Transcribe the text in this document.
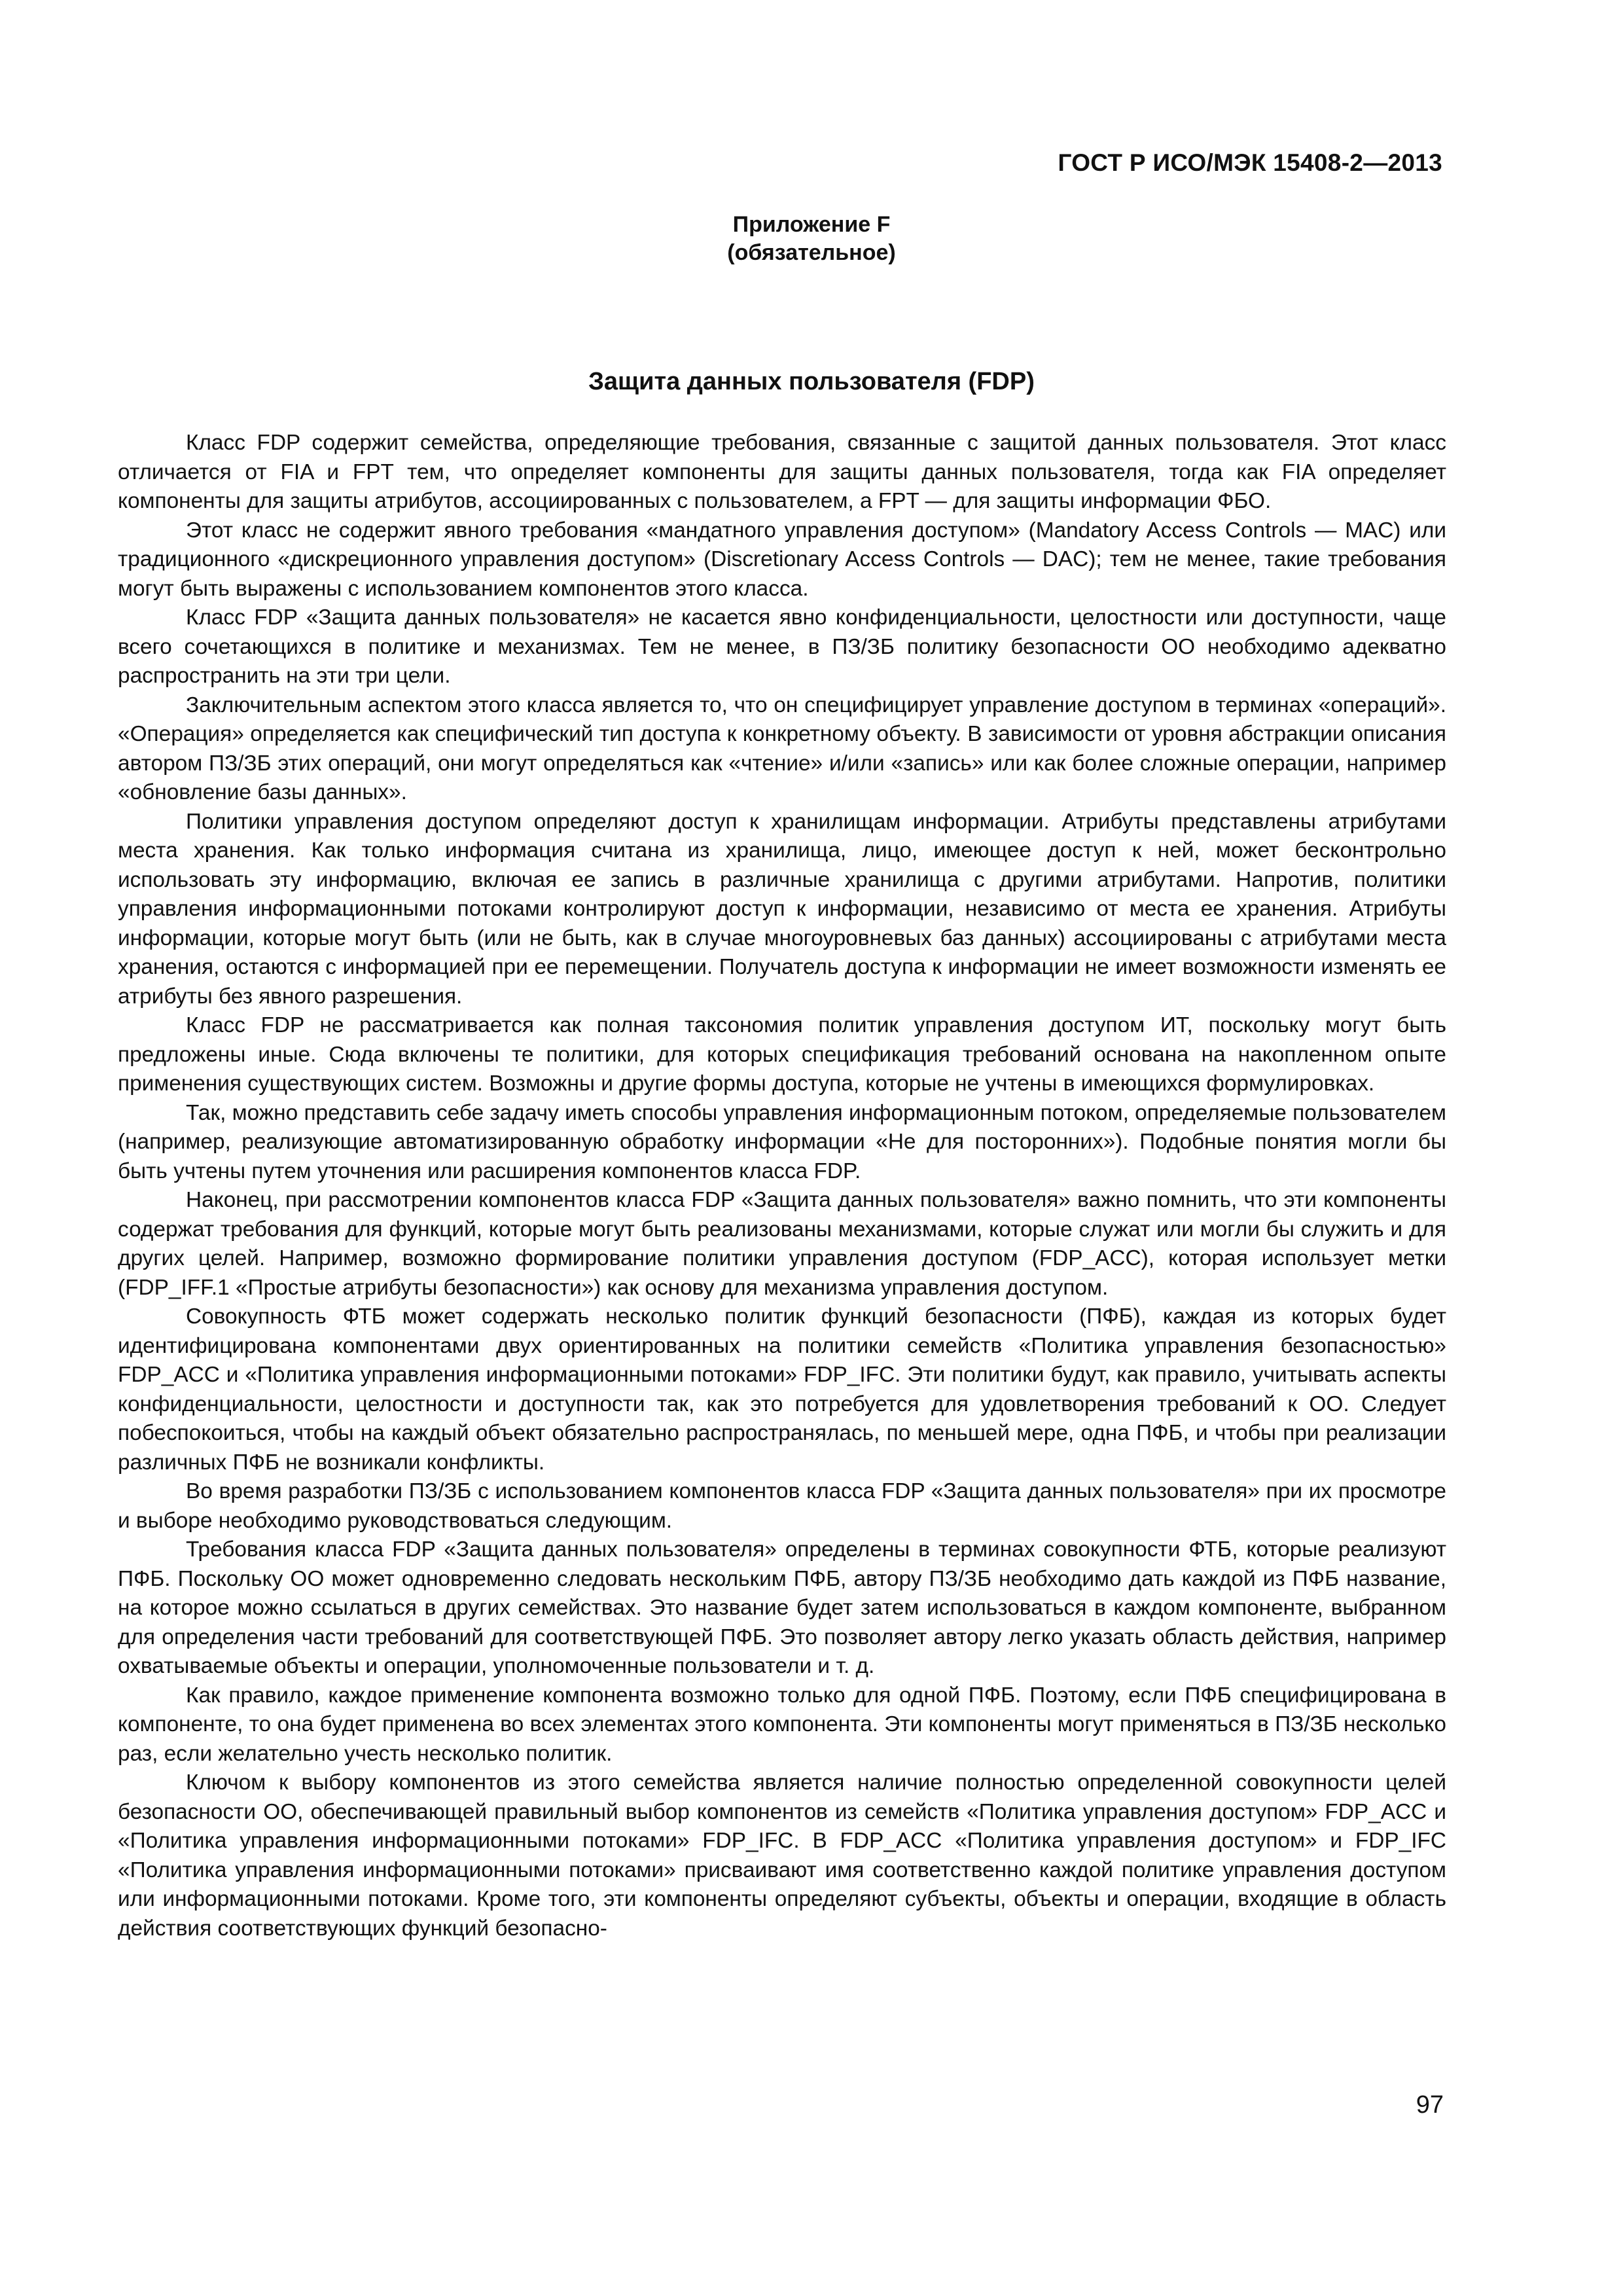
ГОСТ Р ИСО/МЭК 15408-2—2013
Приложение F
(обязательное)
Защита данных пользователя (FDP)

Класс FDP содержит семейства, определяющие требования, связанные с защитой данных пользователя. Этот класс отличается от FIA и FPT тем, что определяет компоненты для защиты данных пользователя, тогда как FIA определяет компоненты для защиты атрибутов, ассоциированных с пользователем, а FPT — для защиты информации ФБО.

Этот класс не содержит явного требования «мандатного управления доступом» (Mandatory Access Controls — MAC) или традиционного «дискреционного управления доступом» (Discretionary Access Controls — DAC); тем не менее, такие требования могут быть выражены с использованием компонентов этого класса.

Класс FDP «Защита данных пользователя» не касается явно конфиденциальности, целостности или доступности, чаще всего сочетающихся в политике и механизмах. Тем не менее, в ПЗ/ЗБ политику безопасности ОО необходимо адекватно распространить на эти три цели.

Заключительным аспектом этого класса является то, что он специфицирует управление доступом в терминах «операций». «Операция» определяется как специфический тип доступа к конкретному объекту. В зависимости от уровня абстракции описания автором ПЗ/ЗБ этих операций, они могут определяться как «чтение» и/или «запись» или как более сложные операции, например «обновление базы данных».

Политики управления доступом определяют доступ к хранилищам информации. Атрибуты представлены атрибутами места хранения. Как только информация считана из хранилища, лицо, имеющее доступ к ней, может бесконтрольно использовать эту информацию, включая ее запись в различные хранилища с другими атрибутами. Напротив, политики управления информационными потоками контролируют доступ к информации, независимо от места ее хранения. Атрибуты информации, которые могут быть (или не быть, как в случае многоуровневых баз данных) ассоциированы с атрибутами места хранения, остаются с информацией при ее перемещении. Получатель доступа к информации не имеет возможности изменять ее атрибуты без явного разрешения.

Класс FDP не рассматривается как полная таксономия политик управления доступом ИТ, поскольку могут быть предложены иные. Сюда включены те политики, для которых спецификация требований основана на накопленном опыте применения существующих систем. Возможны и другие формы доступа, которые не учтены в имеющихся формулировках.

Так, можно представить себе задачу иметь способы управления информационным потоком, определяемые пользователем (например, реализующие автоматизированную обработку информации «Не для посторонних»). Подобные понятия могли бы быть учтены путем уточнения или расширения компонентов класса FDP.

Наконец, при рассмотрении компонентов класса FDP «Защита данных пользователя» важно помнить, что эти компоненты содержат требования для функций, которые могут быть реализованы механизмами, которые служат или могли бы служить и для других целей. Например, возможно формирование политики управления доступом (FDP_ACC), которая использует метки (FDP_IFF.1 «Простые атрибуты безопасности») как основу для механизма управления доступом.

Совокупность ФТБ может содержать несколько политик функций безопасности (ПФБ), каждая из которых будет идентифицирована компонентами двух ориентированных на политики семейств «Политика управления безопасностью» FDP_ACC и «Политика управления информационными потоками» FDP_IFC. Эти политики будут, как правило, учитывать аспекты конфиденциальности, целостности и доступности так, как это потребуется для удовлетворения требований к ОО. Следует побеспокоиться, чтобы на каждый объект обязательно распространялась, по меньшей мере, одна ПФБ, и чтобы при реализации различных ПФБ не возникали конфликты.

Во время разработки ПЗ/ЗБ с использованием компонентов класса FDP «Защита данных пользователя» при их просмотре и выборе необходимо руководствоваться следующим.

Требования класса FDP «Защита данных пользователя» определены в терминах совокупности ФТБ, которые реализуют ПФБ. Поскольку ОО может одновременно следовать нескольким ПФБ, автору ПЗ/ЗБ необходимо дать каждой из ПФБ название, на которое можно ссылаться в других семействах. Это название будет затем использоваться в каждом компоненте, выбранном для определения части требований для соответствующей ПФБ. Это позволяет автору легко указать область действия, например охватываемые объекты и операции, уполномоченные пользователи и т. д.

Как правило, каждое применение компонента возможно только для одной ПФБ. Поэтому, если ПФБ специфицирована в компоненте, то она будет применена во всех элементах этого компонента. Эти компоненты могут применяться в ПЗ/ЗБ несколько раз, если желательно учесть несколько политик.

Ключом к выбору компонентов из этого семейства является наличие полностью определенной совокупности целей безопасности ОО, обеспечивающей правильный выбор компонентов из семейств «Политика управления доступом» FDP_ACC и «Политика управления информационными потоками» FDP_IFC. В FDP_ACC «Политика управления доступом» и FDP_IFC «Политика управления информационными потоками» присваивают имя соответственно каждой политике управления доступом или информационными потоками. Кроме того, эти компоненты определяют субъекты, объекты и операции, входящие в область действия соответствующих функций безопасно-

97
